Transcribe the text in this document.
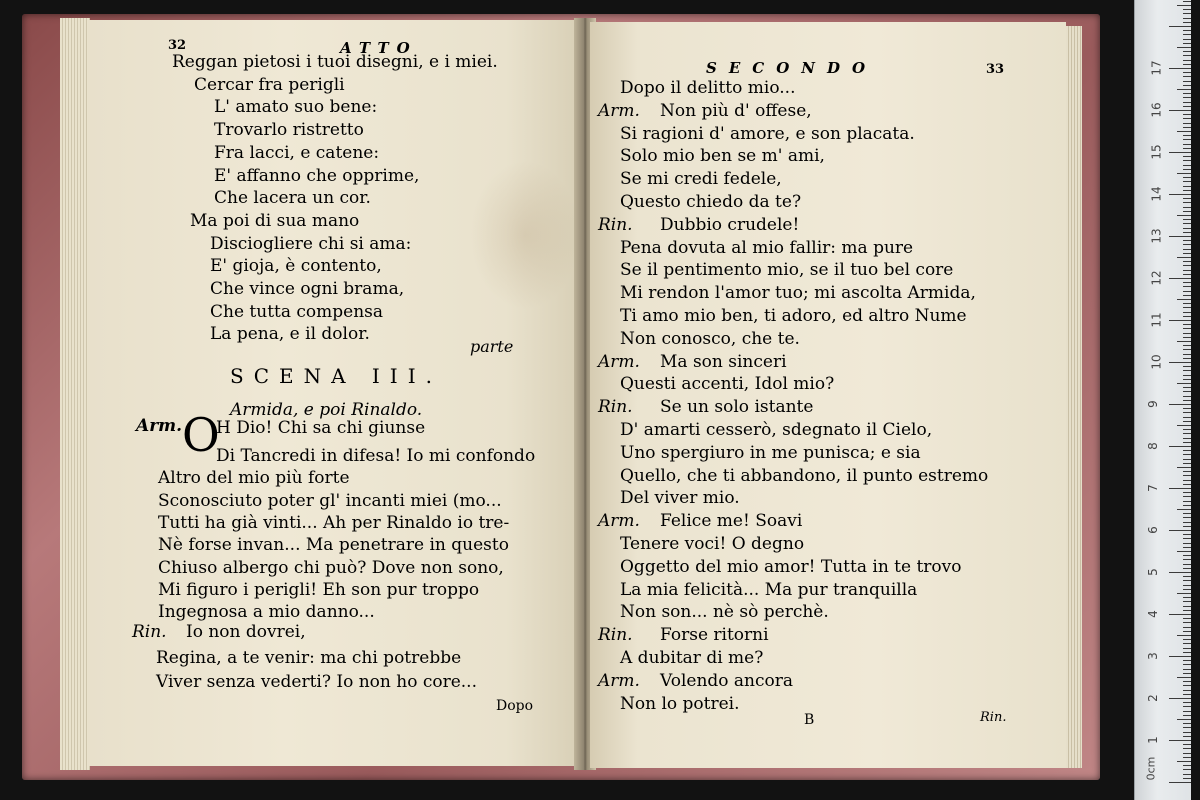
32	ATTO
Reggan pietosi i tuoi disegni, e i miei.
Cercar fra perigli
L' amato suo bene:
Trovarlo ristretto
Fra lacci, e catene:
E' affanno che opprime,
Che lacera un cor.
Ma poi di sua mano
Disciogliere chi si ama:
E' gioja, è contento,
Che vince ogni brama,
Che tutta compensa
La pena, e il dolor.
parte
SCENA III.
Armida, e poi Rinaldo.
Arm. O
H Dio! Chi sa chi giunse
Di Tancredi in difesa! Io mi confondo
Altro del mio più forte
Sconosciuto poter gl' incanti miei (mo...
Tutti ha già vinti... Ah per Rinaldo io tre-
Nè forse invan... Ma penetrare in questo
Chiuso albergo chi può? Dove non sono,
Mi figuro i perigli! Eh son pur troppo
Ingegnosa a mio danno...
Rin. Io non dovrei,
Regina, a te venir: ma chi potrebbe
Viver senza vederti? Io non ho core...
Dopo
SECONDO	33
Dopo il delitto mio...
Arm. Non più d' offese,
Si ragioni d' amore, e son placata.
Solo mio ben se m' ami,
Se mi credi fedele,
Questo chiedo da te?
Rin. Dubbio crudele!
Pena dovuta al mio fallir: ma pure
Se il pentimento mio, se il tuo bel core
Mi rendon l'amor tuo; mi ascolta Armida,
Ti amo mio ben, ti adoro, ed altro Nume
Non conosco, che te.
Arm. Ma son sinceri
Questi accenti, Idol mio?
Rin. Se un solo istante
D' amarti cesserò, sdegnato il Cielo,
Uno spergiuro in me punisca; e sia
Quello, che ti abbandono, il punto estremo
Del viver mio.
Arm. Felice me! Soavi
Tenere voci! O degno
Oggetto del mio amor! Tutta in te trovo
La mia felicità... Ma pur tranquilla
Non son... nè sò perchè.
Rin. Forse ritorni
A dubitar di me?
Arm. Volendo ancora
Non lo potrei.
B	Rin.
17
16
15
14
13
12
11
10
9
8
7
6
5
4
3
2
1
0cm
